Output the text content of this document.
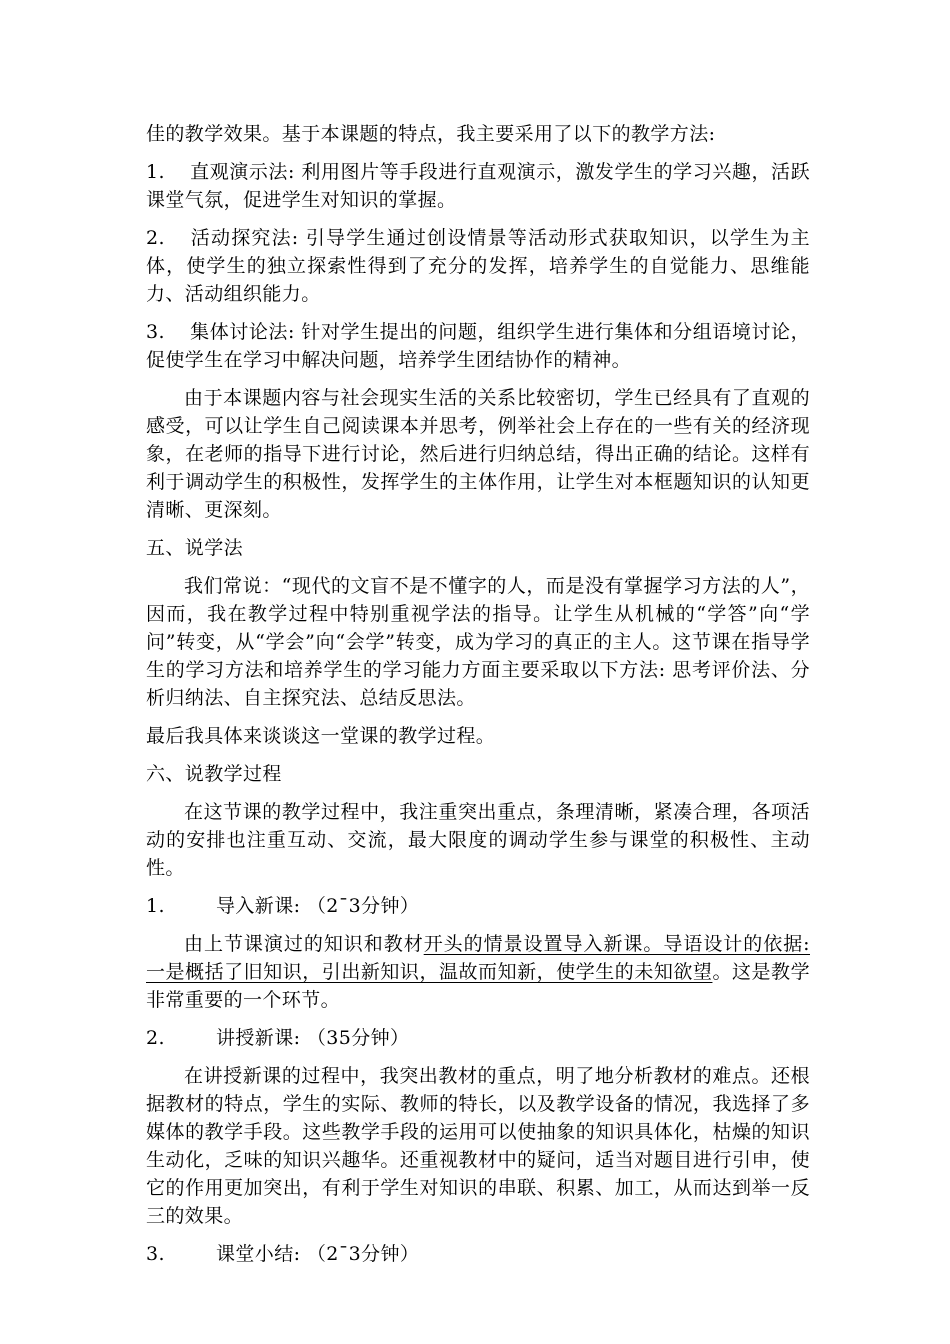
佳的教学效果。基于本课题的特点，我主要采用了以下的教学方法:

1. 直观演示法: 利用图片等手段进行直观演示，激发学生的学习兴趣，活跃课堂气氛，促进学生对知识的掌握。

2. 活动探究法: 引导学生通过创设情景等活动形式获取知识，以学生为主体，使学生的独立探索性得到了充分的发挥，培养学生的自觉能力、思维能力、活动组织能力。

3. 集体讨论法: 针对学生提出的问题，组织学生进行集体和分组语境讨论，促使学生在学习中解决问题，培养学生团结协作的精神。

由于本课题内容与社会现实生活的关系比较密切，学生已经具有了直观的感受，可以让学生自己阅读课本并思考，例举社会上存在的一些有关的经济现象，在老师的指导下进行讨论，然后进行归纳总结，得出正确的结论。这样有利于调动学生的积极性，发挥学生的主体作用，让学生对本框题知识的认知更清晰、更深刻。

五、说学法

我们常说：“现代的文盲不是不懂字的人，而是没有掌握学习方法的人”，因而，我在教学过程中特别重视学法的指导。让学生从机械的“学答”向“学问”转变，从“学会”向“会学”转变，成为学习的真正的主人。这节课在指导学生的学习方法和培养学生的学习能力方面主要采取以下方法: 思考评价法、分析归纳法、自主探究法、总结反思法。

最后我具体来谈谈这一堂课的教学过程。

六、说教学过程

在这节课的教学过程中，我注重突出重点，条理清晰，紧凑合理，各项活动的安排也注重互动、交流，最大限度的调动学生参与课堂的积极性、主动性。

1.	导入新课: （2¯3分钟）

由上节课演过的知识和教材开头的情景设置导入新课。导语设计的依据: 一是概括了旧知识，引出新知识，温故而知新，使学生的未知欲望。这是教学非常重要的一个环节。

2.	讲授新课: （35分钟）

在讲授新课的过程中，我突出教材的重点，明了地分析教材的难点。还根据教材的特点，学生的实际、教师的特长，以及教学设备的情况，我选择了多媒体的教学手段。这些教学手段的运用可以使抽象的知识具体化，枯燥的知识生动化，乏味的知识兴趣华。还重视教材中的疑问，适当对题目进行引申，使它的作用更加突出，有利于学生对知识的串联、积累、加工，从而达到举一反三的效果。

3.	课堂小结: （2¯3分钟）
